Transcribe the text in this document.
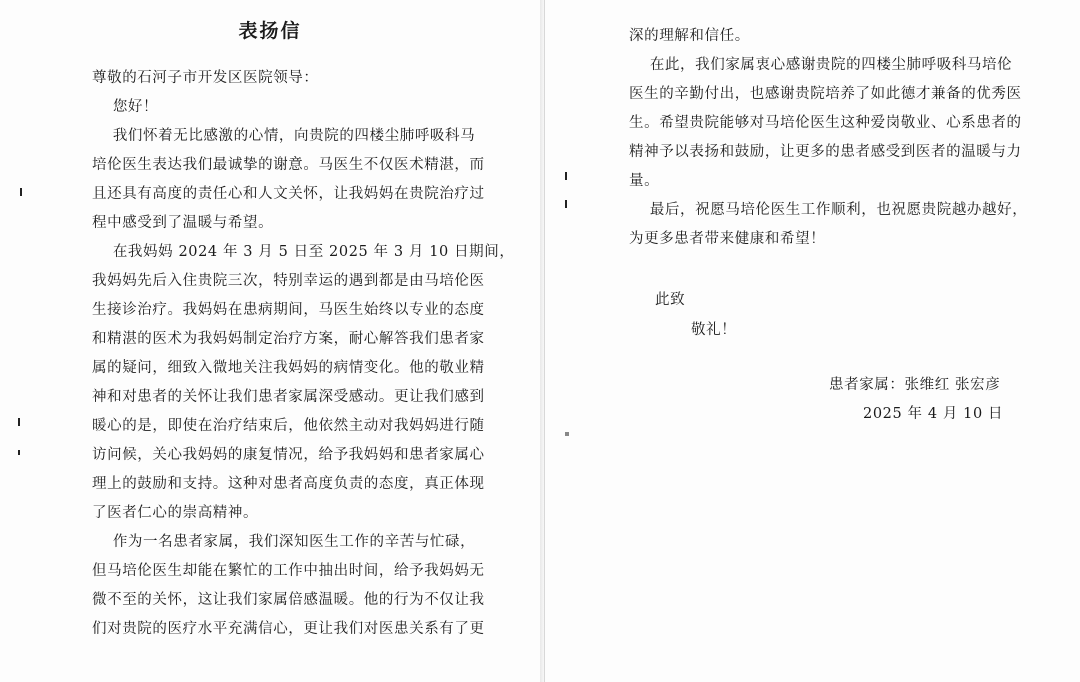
表扬信

尊敬的石河子市开发区医院领导：

您好！

我们怀着无比感激的心情，向贵院的四楼尘肺呼吸科马

培伦医生表达我们最诚挚的谢意。马医生不仅医术精湛，而

且还具有高度的责任心和人文关怀，让我妈妈在贵院治疗过

程中感受到了温暖与希望。

在我妈妈 2024 年 3 月 5 日至 2025 年 3 月 10 日期间，

我妈妈先后入住贵院三次，特别幸运的遇到都是由马培伦医

生接诊治疗。我妈妈在患病期间，马医生始终以专业的态度

和精湛的医术为我妈妈制定治疗方案，耐心解答我们患者家

属的疑问，细致入微地关注我妈妈的病情变化。他的敬业精

神和对患者的关怀让我们患者家属深受感动。更让我们感到

暖心的是，即使在治疗结束后，他依然主动对我妈妈进行随

访问候，关心我妈妈的康复情况，给予我妈妈和患者家属心

理上的鼓励和支持。这种对患者高度负责的态度，真正体现

了医者仁心的崇高精神。

作为一名患者家属，我们深知医生工作的辛苦与忙碌，

但马培伦医生却能在繁忙的工作中抽出时间，给予我妈妈无

微不至的关怀，这让我们家属倍感温暖。他的行为不仅让我

们对贵院的医疗水平充满信心，更让我们对医患关系有了更

深的理解和信任。

在此，我们家属衷心感谢贵院的四楼尘肺呼吸科马培伦

医生的辛勤付出，也感谢贵院培养了如此德才兼备的优秀医

生。希望贵院能够对马培伦医生这种爱岗敬业、心系患者的

精神予以表扬和鼓励，让更多的患者感受到医者的温暖与力

量。

最后，祝愿马培伦医生工作顺利，也祝愿贵院越办越好，

为更多患者带来健康和希望！

此致
敬礼！
患者家属：张维红 张宏彦
2025 年 4 月 10 日
